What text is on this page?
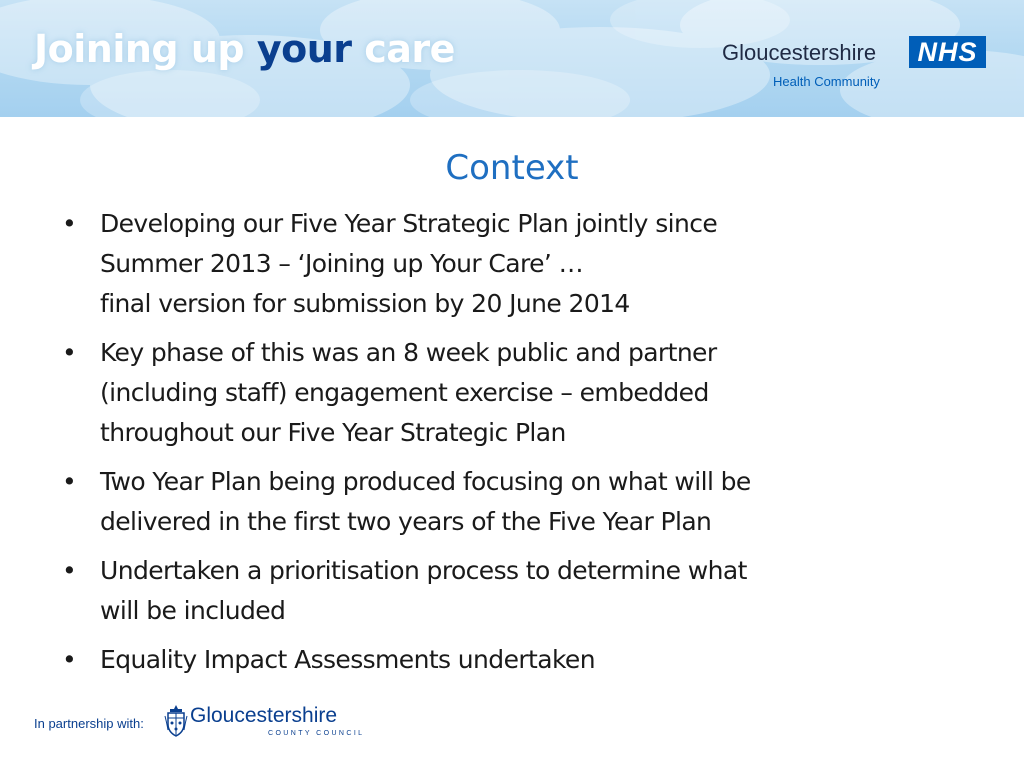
Joining up your care	Gloucestershire	NHS
Health Community
Context
• Developing our Five Year Strategic Plan jointly since
Summer 2013 – ‘Joining up Your Care’ …
final version for submission by 20 June 2014
• Key phase of this was an 8 week public and partner
(including staff) engagement exercise – embedded
throughout our Five Year Strategic Plan
• Two Year Plan being produced focusing on what will be
delivered in the first two years of the Five Year Plan
• Undertaken a prioritisation process to determine what
will be included
• Equality Impact Assessments undertaken
In partnership with: Gloucestershire
COUNTY COUNCIL
